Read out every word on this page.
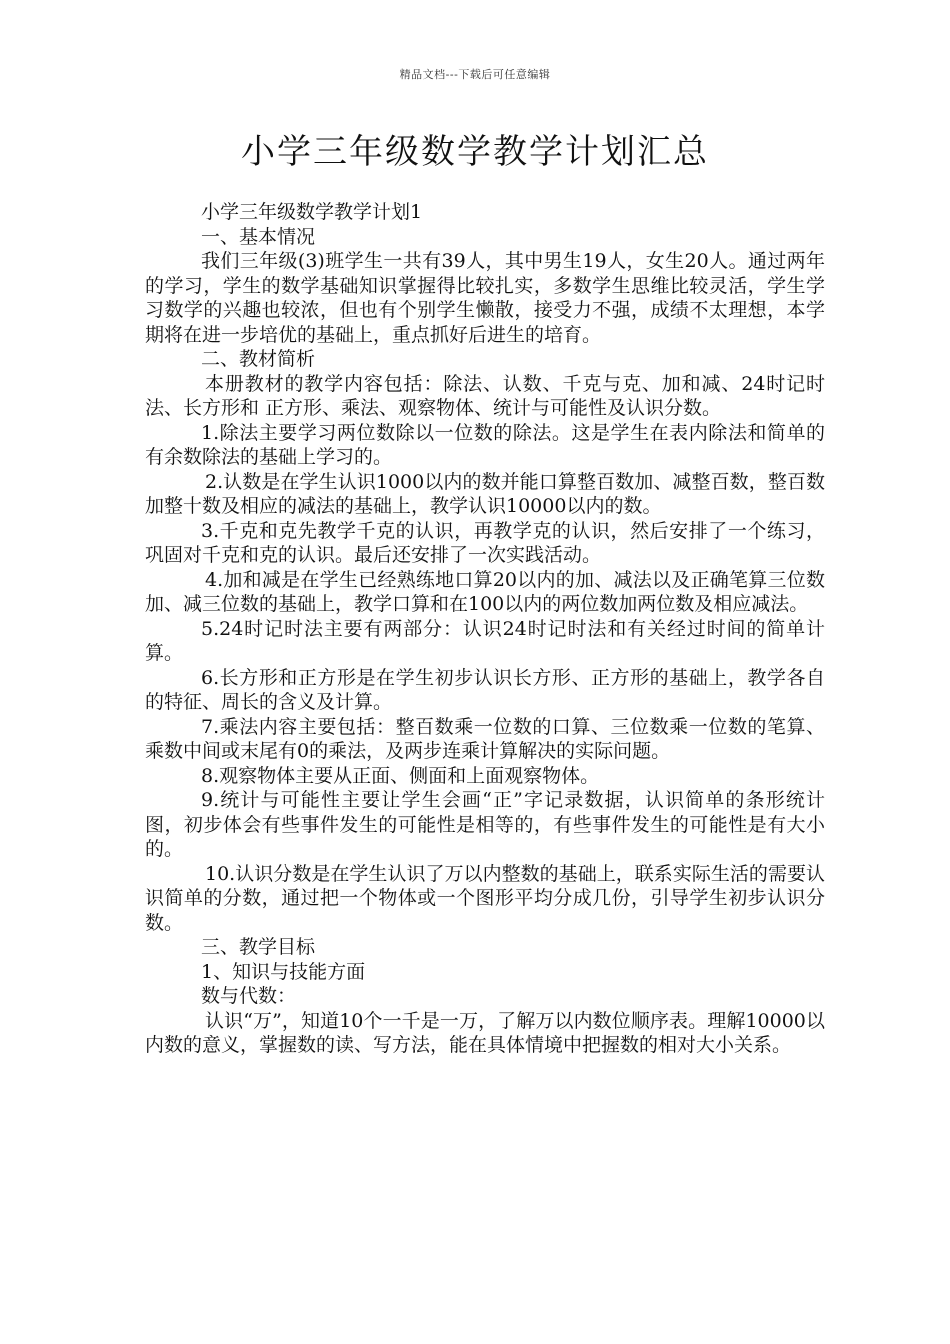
精品文档---下载后可任意编辑
小学三年级数学教学计划汇总

小学三年级数学教学计划1

一、基本情况

我们三年级(3)班学生一共有39人，其中男生19人，女生20人。通过两年的学习，学生的数学基础知识掌握得比较扎实，多数学生思维比较灵活，学生学习数学的兴趣也较浓，但也有个别学生懒散，接受力不强，成绩不太理想，本学期将在进一步培优的基础上，重点抓好后进生的培育。

二、教材简析

本册教材的教学内容包括：除法、认数、千克与克、加和减、24时记时法、长方形和 正方形、乘法、观察物体、统计与可能性及认识分数。

1.除法主要学习两位数除以一位数的除法。这是学生在表内除法和简单的有余数除法的基础上学习的。

2.认数是在学生认识1000以内的数并能口算整百数加、减整百数，整百数加整十数及相应的减法的基础上，教学认识10000以内的数。

3.千克和克先教学千克的认识，再教学克的认识，然后安排了一个练习，巩固对千克和克的认识。最后还安排了一次实践活动。

4.加和减是在学生已经熟练地口算20以内的加、减法以及正确笔算三位数加、减三位数的基础上，教学口算和在100以内的两位数加两位数及相应减法。

5.24时记时法主要有两部分：认识24时记时法和有关经过时间的简单计算。

6.长方形和正方形是在学生初步认识长方形、正方形的基础上，教学各自的特征、周长的含义及计算。

7.乘法内容主要包括：整百数乘一位数的口算、三位数乘一位数的笔算、乘数中间或末尾有0的乘法，及两步连乘计算解决的实际问题。

8.观察物体主要从正面、侧面和上面观察物体。

9.统计与可能性主要让学生会画“正”字记录数据，认识简单的条形统计图，初步体会有些事件发生的可能性是相等的，有些事件发生的可能性是有大小的。

10.认识分数是在学生认识了万以内整数的基础上，联系实际生活的需要认识简单的分数，通过把一个物体或一个图形平均分成几份，引导学生初步认识分数。

三、教学目标

1、知识与技能方面

数与代数：

认识“万”，知道10个一千是一万，了解万以内数位顺序表。理解10000以内数的意义，掌握数的读、写方法，能在具体情境中把握数的相对大小关系。
